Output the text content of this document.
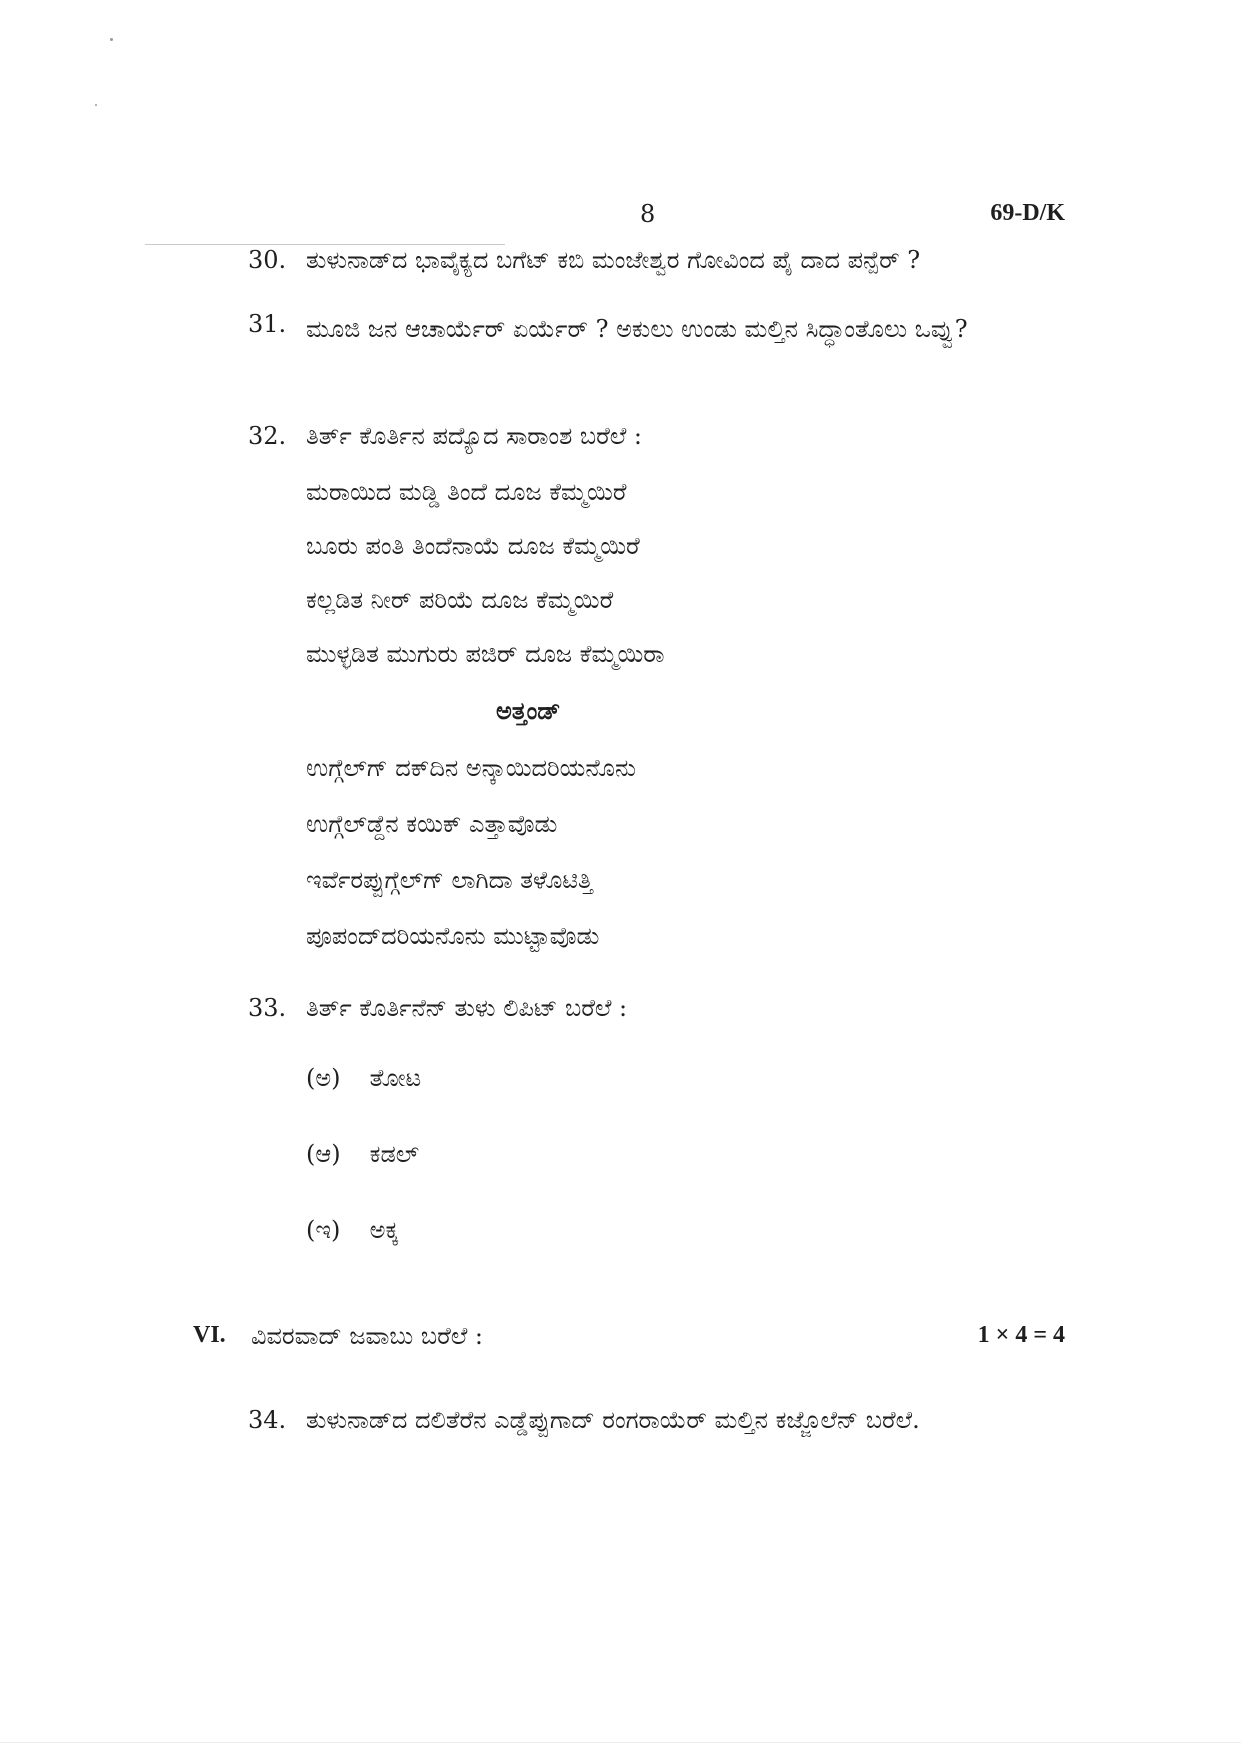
8	69-D/K
30. ತುಳುನಾಡ್‌ದ ಭಾವೈಕ್ಯದ ಬಗೆಟ್ ಕಬಿ ಮಂಜೇಶ್ವರ ಗೋವಿಂದ ಪೈ ದಾದ ಪನ್ಪೆರ್ ?
31. ಮೂಜಿ ಜನ ಆಚಾರ್ಯೆರ್ ಏರ್ಯೆರ್ ? ಅಕುಲು ಉಂಡು ಮಲ್ತಿನ ಸಿದ್ಧಾಂತೊಲು ಒವ್ವು?
32. ತಿರ್ತ್ ಕೊರ್ತಿನ ಪದ್ಯೊದ ಸಾರಾಂಶ ಬರೆಲೆ :
ಮರಾಯಿದ ಮಡ್ಡಿ ತಿಂದೆ ದೂಜ ಕೆಮ್ಮಯಿರೆ
ಬೂರು ಪಂತಿ ತಿಂದೆನಾಯೆ ದೂಜ ಕೆಮ್ಮಯಿರೆ
ಕಲ್ಲಡಿತ ನೀರ್ ಪರಿಯೆ ದೂಜ ಕೆಮ್ಮಯಿರೆ
ಮುಳ್ಳಡಿತ ಮುಗುರು ಪಜಿರ್ ದೂಜ ಕೆಮ್ಮಯಿರಾ
ಅತ್ತಂಡ್
ಉಗ್ಗೆಲ್‌ಗ್ ದಕ್‌ದಿನ ಅನ್ಕಾಯಿದರಿಯನೊನು
ಉಗ್ಗೆಲ್‌ಡ್ದೆನ ಕಯಿಕ್ ಎತ್ತಾವೊಡು
ಇರ್ವೆರಪ್ಪುಗ್ಗೆಲ್‌ಗ್ ಲಾಗಿದಾ ತಳೊಟಿತ್ತಿ
ಪೂಪಂದ್‌ದರಿಯನೊನು ಮುಟ್ಟಾವೊಡು
33. ತಿರ್ತ್ ಕೊರ್ತಿನೆನ್ ತುಳು ಲಿಪಿಟ್ ಬರೆಲೆ :
(ಅ) ತೋಟ
(ಆ) ಕಡಲ್
(ಇ) ಅಕ್ಕ
VI. ವಿವರವಾದ್ ಜವಾಬು ಬರೆಲೆ :	1 × 4 = 4
34. ತುಳುನಾಡ್‌ದ ದಲಿತೆರೆನ ಎಡ್ಡೆಪ್ಪುಗಾದ್ ರಂಗರಾಯೆರ್ ಮಲ್ತಿನ ಕಜ್ಜೊಲೆನ್ ಬರೆಲೆ.
